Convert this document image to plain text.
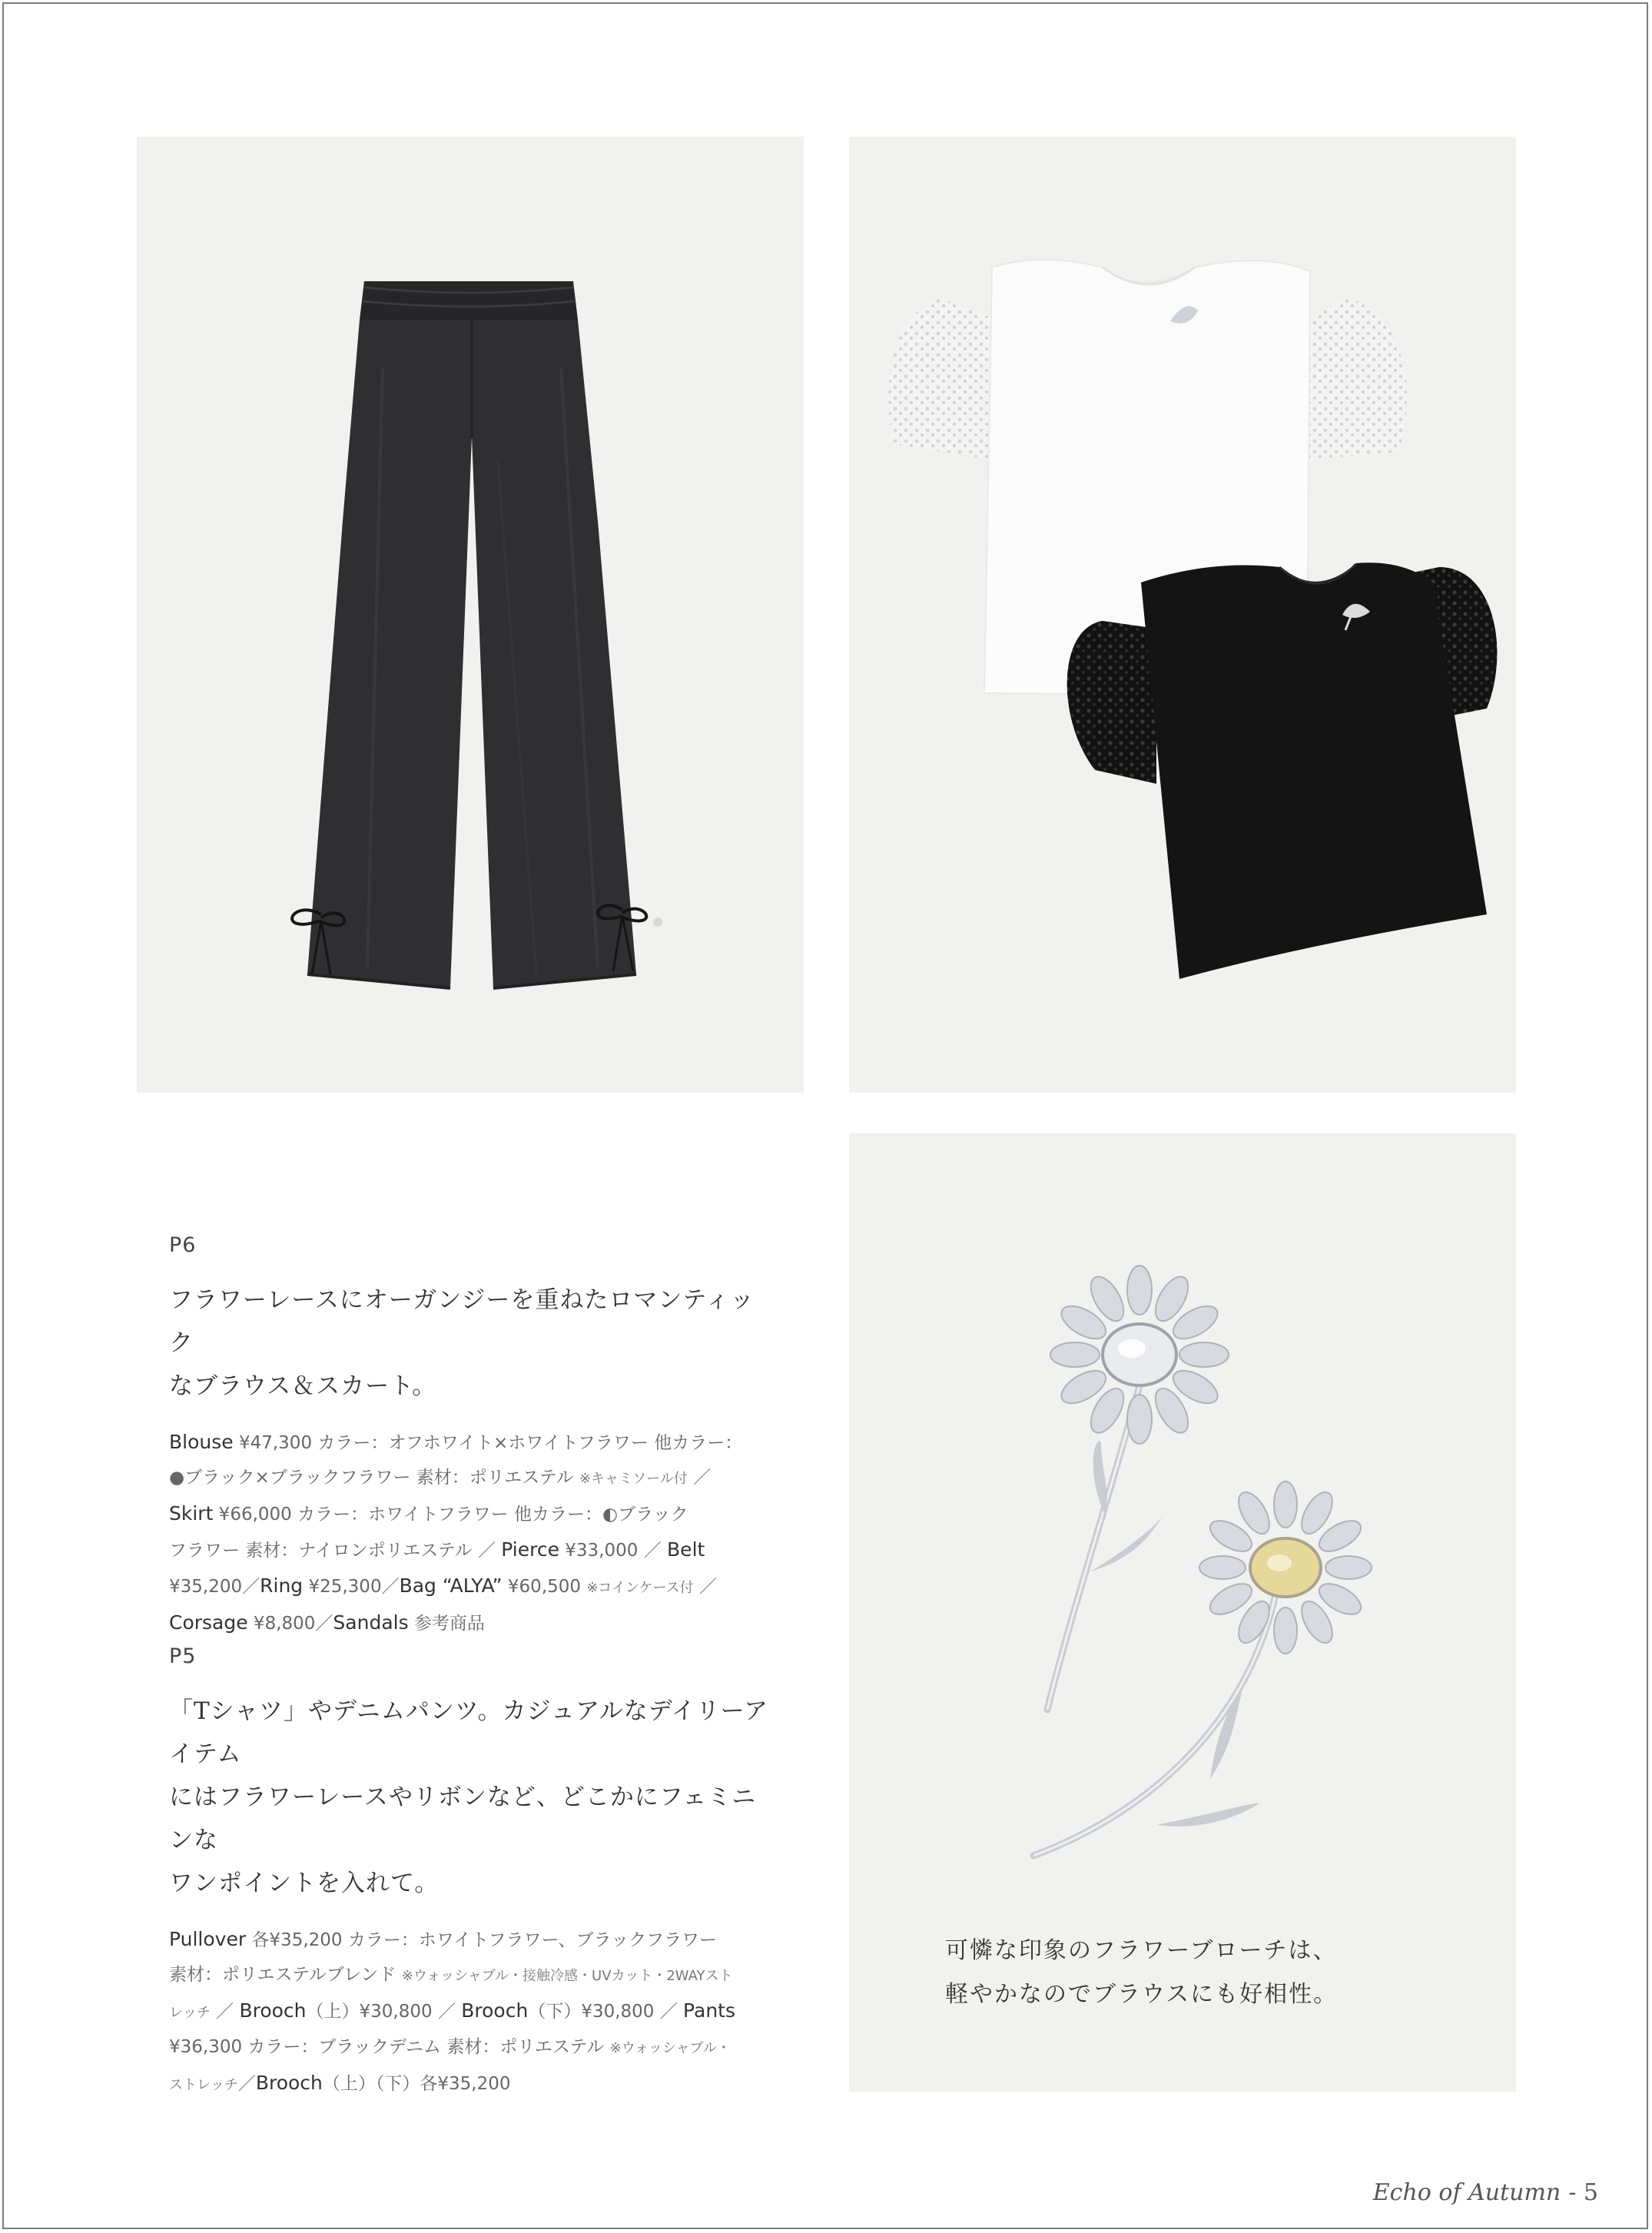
P6
フラワーレースにオーガンジーを重ねたロマンティック
なブラウス＆スカート。
Blouse ¥47,300 カラー：オフホワイト×ホワイトフラワー 他カラー：
●ブラック×ブラックフラワー 素材：ポリエステル ※キャミソール付 ／
Skirt ¥66,000 カラー：ホワイトフラワー 他カラー：◐ブラック
フラワー 素材：ナイロンポリエステル ／ Pierce ¥33,000 ／ Belt
¥35,200／Ring ¥25,300／Bag “ALYA” ¥60,500 ※コインケース付 ／
Corsage ¥8,800／Sandals 参考商品
P5
「Tシャツ」やデニムパンツ。カジュアルなデイリーアイテム
にはフラワーレースやリボンなど、どこかにフェミニンな
ワンポイントを入れて。
Pullover 各¥35,200 カラー：ホワイトフラワー、ブラックフラワー
素材：ポリエステルブレンド ※ウォッシャブル・接触冷感・UVカット・2WAYスト
レッチ ／ Brooch（上）¥30,800 ／ Brooch（下）¥30,800 ／ Pants
¥36,300 カラー：ブラックデニム 素材：ポリエステル ※ウォッシャブル・
ストレッチ／Brooch（上）（下）各¥35,200
可憐な印象のフラワーブローチは、
軽やかなのでブラウスにも好相性。
Echo of Autumn - 5
